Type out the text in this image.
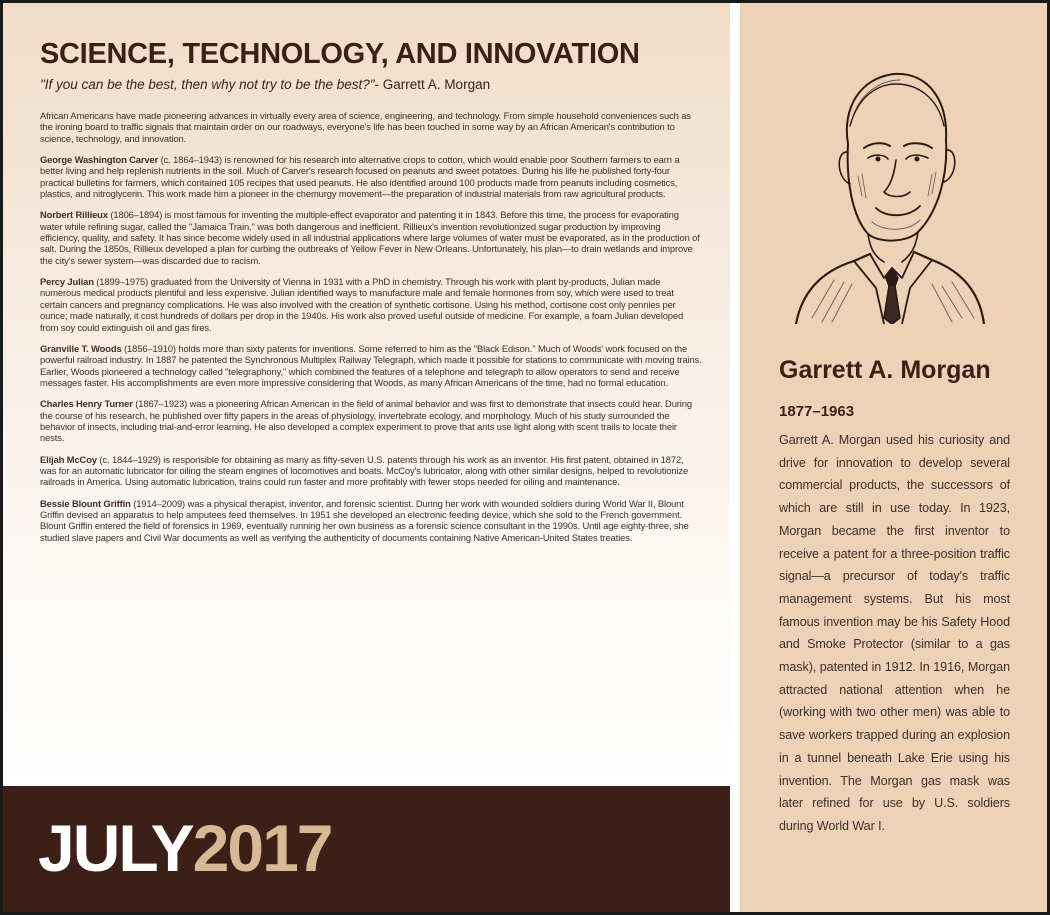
SCIENCE, TECHNOLOGY, AND INNOVATION
"If you can be the best, then why not try to be the best?"- Garrett A. Morgan

African Americans have made pioneering advances in virtually every area of science, engineering, and technology. From simple household conveniences such as the ironing board to traffic signals that maintain order on our roadways, everyone's life has been touched in some way by an African American's contribution to science, technology, and innovation.

George Washington Carver (c. 1864–1943) is renowned for his research into alternative crops to cotton, which would enable poor Southern farmers to earn a better living and help replenish nutrients in the soil. Much of Carver's research focused on peanuts and sweet potatoes. During his life he published forty-four practical bulletins for farmers, which contained 105 recipes that used peanuts. He also identified around 100 products made from peanuts including cosmetics, plastics, and nitroglycerin. This work made him a pioneer in the chemurgy movement—the preparation of industrial materials from raw agricultural products.

Norbert Rillieux (1806–1894) is most famous for inventing the multiple-effect evaporator and patenting it in 1843. Before this time, the process for evaporating water while refining sugar, called the "Jamaica Train," was both dangerous and inefficient. Rillieux's invention revolutionized sugar production by improving efficiency, quality, and safety. It has since become widely used in all industrial applications where large volumes of water must be evaporated, as in the production of salt. During the 1850s, Rillieux developed a plan for curbing the outbreaks of Yellow Fever in New Orleans. Unfortunately, his plan—to drain wetlands and improve the city's sewer system—was discarded due to racism.

Percy Julian (1899–1975) graduated from the University of Vienna in 1931 with a PhD in chemistry. Through his work with plant by-products, Julian made numerous medical products plentiful and less expensive. Julian identified ways to manufacture male and female hormones from soy, which were used to treat certain cancers and pregnancy complications. He was also involved with the creation of synthetic cortisone. Using his method, cortisone cost only pennies per ounce; made naturally, it cost hundreds of dollars per drop in the 1940s. His work also proved useful outside of medicine. For example, a foam Julian developed from soy could extinguish oil and gas fires.

Granville T. Woods (1856–1910) holds more than sixty patents for inventions. Some referred to him as the "Black Edison." Much of Woods' work focused on the powerful railroad industry. In 1887 he patented the Synchronous Multiplex Railway Telegraph, which made it possible for stations to communicate with moving trains. Earlier, Woods pioneered a technology called "telegraphony," which combined the features of a telephone and telegraph to allow operators to send and receive messages faster. His accomplishments are even more impressive considering that Woods, as many African Americans of the time, had no formal education.

Charles Henry Turner (1867–1923) was a pioneering African American in the field of animal behavior and was first to demonstrate that insects could hear. During the course of his research, he published over fifty papers in the areas of physiology, invertebrate ecology, and morphology. Much of his study surrounded the behavior of insects, including trial-and-error learning. He also developed a complex experiment to prove that ants use light along with scent trails to locate their nests.

Elijah McCoy (c. 1844–1929) is responsible for obtaining as many as fifty-seven U.S. patents through his work as an inventor. His first patent, obtained in 1872, was for an automatic lubricator for oiling the steam engines of locomotives and boats. McCoy's lubricator, along with other similar designs, helped to revolutionize railroads in America. Using automatic lubrication, trains could run faster and more profitably with fewer stops needed for oiling and maintenance.

Bessie Blount Griffin (1914–2009) was a physical therapist, inventor, and forensic scientist. During her work with wounded soldiers during World War II, Blount Griffin devised an apparatus to help amputees feed themselves. In 1951 she developed an electronic feeding device, which she sold to the French government. Blount Griffin entered the field of forensics in 1969, eventually running her own business as a forensic science consultant in the 1990s. Until age eighty-three, she studied slave papers and Civil War documents as well as verifying the authenticity of documents containing Native American-United States treaties.

Garrett A. Morgan
1877–1963

Garrett A. Morgan used his curiosity and drive for innovation to develop several commercial products, the successors of which are still in use today. In 1923, Morgan became the first inventor to receive a patent for a three-position traffic signal—a precursor of today's traffic management systems. But his most famous invention may be his Safety Hood and Smoke Protector (similar to a gas mask), patented in 1912. In 1916, Morgan attracted national attention when he (working with two other men) was able to save workers trapped during an explosion in a tunnel beneath Lake Erie using his invention. The Morgan gas mask was later refined for use by U.S. soldiers during World War I.

JULY2017
